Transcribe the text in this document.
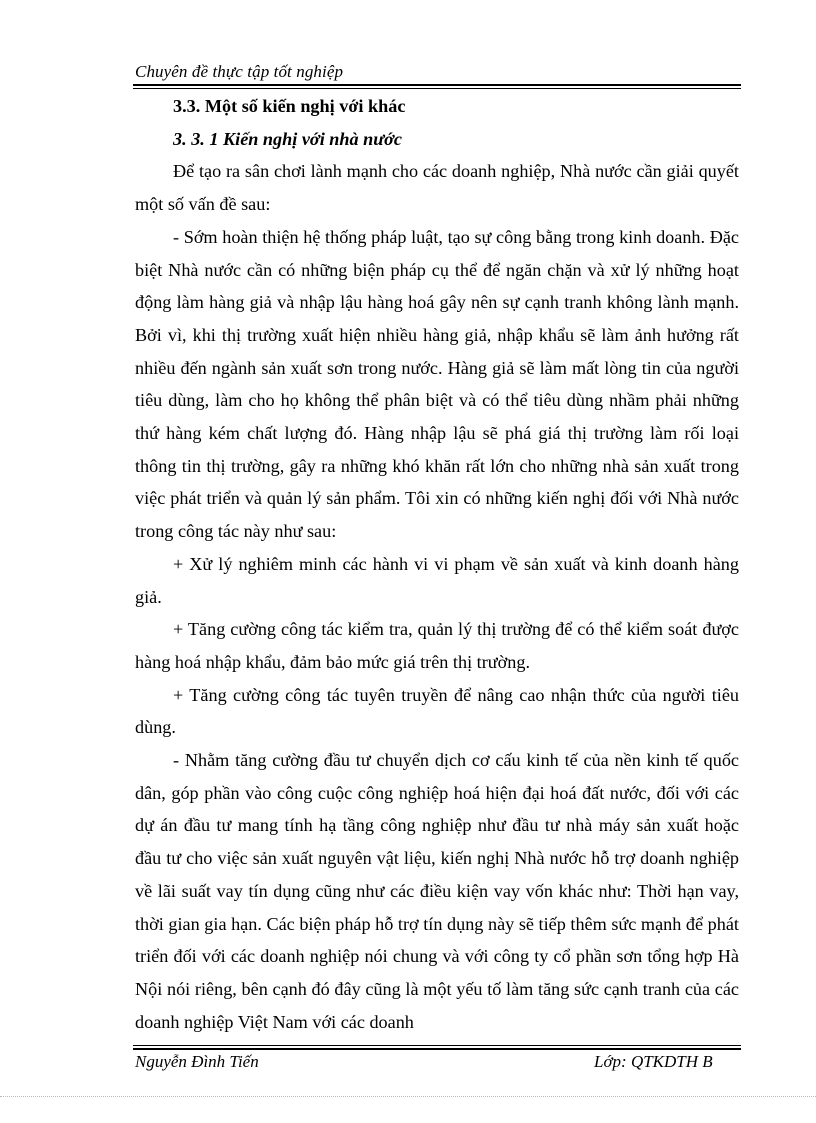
Chuyên đề thực tập tốt nghiệp

3.3. Một số kiến nghị với khác

3. 3. 1 Kiến nghị với nhà nước

Để tạo ra sân chơi lành mạnh cho các doanh nghiệp, Nhà nước cần giải quyết một số vấn đề sau:

- Sớm hoàn thiện hệ thống pháp luật, tạo sự công bằng trong kinh doanh. Đặc biệt Nhà nước cần có những biện pháp cụ thể để ngăn chặn và xử lý những hoạt động làm hàng giả và nhập lậu hàng hoá gây nên sự cạnh tranh không lành mạnh. Bởi vì, khi thị trường xuất hiện nhiều hàng giả, nhập khẩu sẽ làm ảnh hưởng rất nhiều đến ngành sản xuất sơn trong nước. Hàng giả sẽ làm mất lòng tin của người tiêu dùng, làm cho họ không thể phân biệt và có thể tiêu dùng nhầm phải những thứ hàng kém chất lượng đó. Hàng nhập lậu sẽ phá giá thị trường làm rối loại thông tin thị trường, gây ra những khó khăn rất lớn cho những nhà sản xuất trong việc phát triển và quản lý sản phẩm. Tôi xin có những kiến nghị đối với Nhà nước trong công tác này như sau:

+ Xử lý nghiêm minh các hành vi vi phạm về sản xuất và kinh doanh hàng giả.

+ Tăng cường công tác kiểm tra, quản lý thị trường để có thể kiểm soát được hàng hoá nhập khẩu, đảm bảo mức giá trên thị trường.

+ Tăng cường công tác tuyên truyền để nâng cao nhận thức của người tiêu dùng.

- Nhằm tăng cường đầu tư chuyển dịch cơ cấu kinh tế của nền kinh tế quốc dân, góp phần vào công cuộc công nghiệp hoá hiện đại hoá đất nước, đối với các dự án đầu tư mang tính hạ tầng công nghiệp như đầu tư nhà máy sản xuất hoặc đầu tư cho việc sản xuất nguyên vật liệu, kiến nghị Nhà nước hỗ trợ doanh nghiệp về lãi suất vay tín dụng cũng như các điều kiện vay vốn khác như: Thời hạn vay, thời gian gia hạn. Các biện pháp hỗ trợ tín dụng này sẽ tiếp thêm sức mạnh để phát triển đối với các doanh nghiệp nói chung và với công ty cổ phần sơn tổng hợp Hà Nội nói riêng, bên cạnh đó đây cũng là một yếu tố làm tăng sức cạnh tranh của các doanh nghiệp Việt Nam với các doanh

Nguyễn Đình Tiến	Lớp: QTKDTH B
